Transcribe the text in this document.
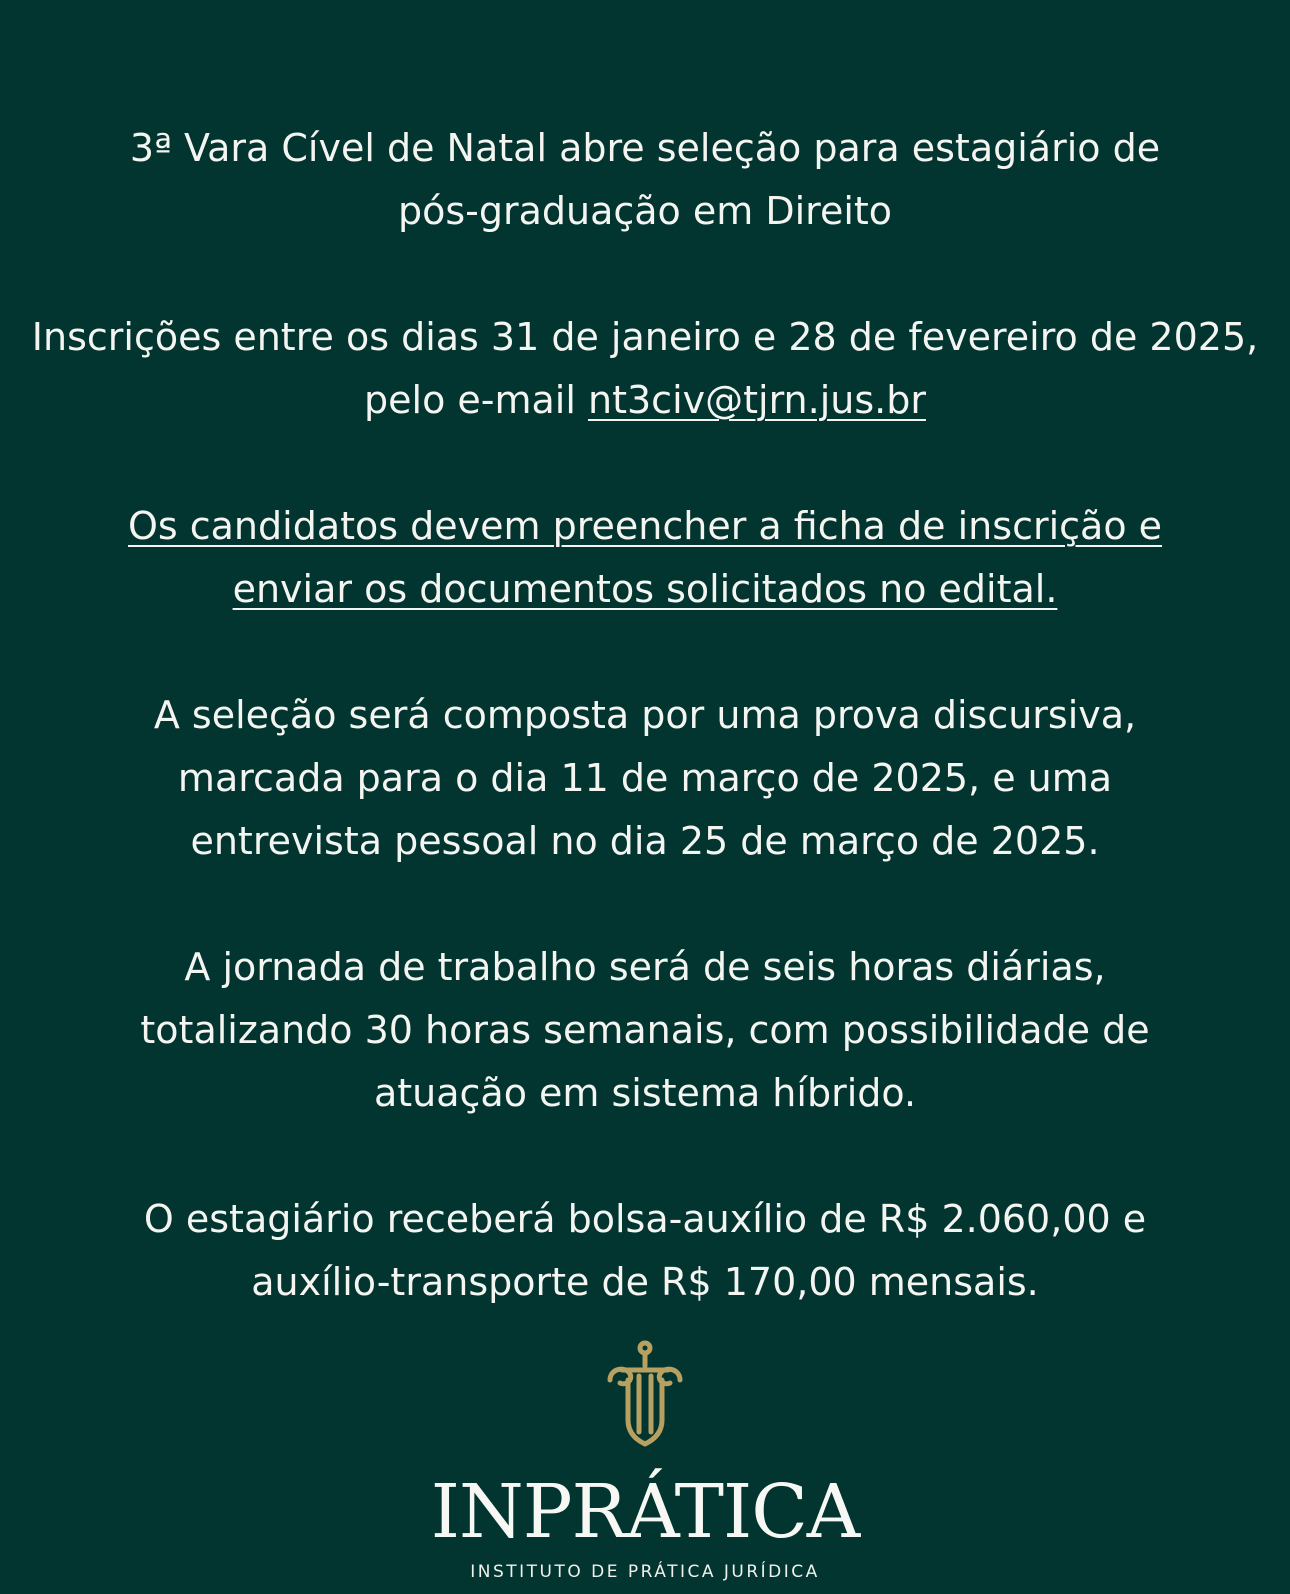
3ª Vara Cível de Natal abre seleção para estagiário de
pós-graduação em Direito
Inscrições entre os dias 31 de janeiro e 28 de fevereiro de 2025, pelo e-mail nt3civ@tjrn.jus.br
Os candidatos devem preencher a ficha de inscrição e
enviar os documentos solicitados no edital.
A seleção será composta por uma prova discursiva,
marcada para o dia 11 de março de 2025, e uma
entrevista pessoal no dia 25 de março de 2025.
A jornada de trabalho será de seis horas diárias,
totalizando 30 horas semanais, com possibilidade de
atuação em sistema híbrido.
O estagiário receberá bolsa-auxílio de R$ 2.060,00 e
auxílio-transporte de R$ 170,00 mensais.
INPRÁTICA
INSTITUTO DE PRÁTICA JURÍDICA
